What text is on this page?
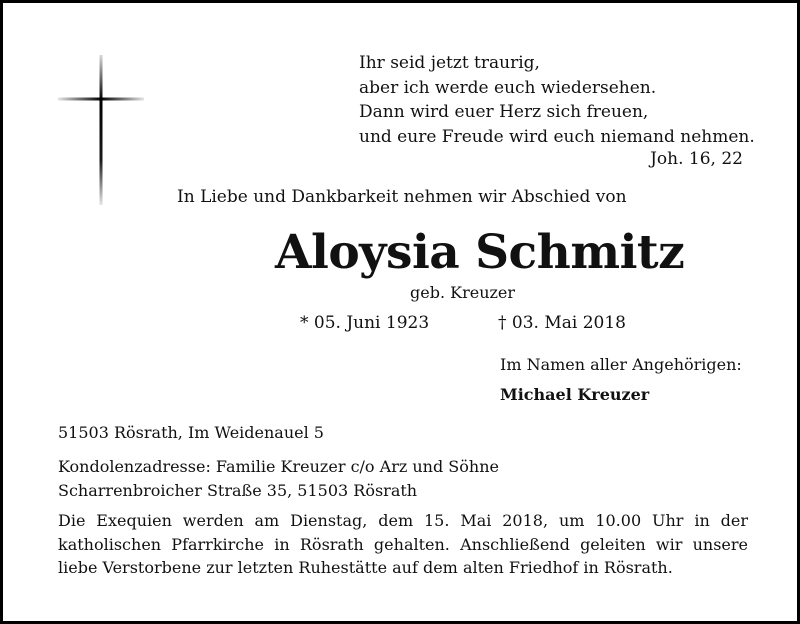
Ihr seid jetzt traurig,
aber ich werde euch wiedersehen.
Dann wird euer Herz sich freuen,
und eure Freude wird euch niemand nehmen.
Joh. 16, 22
In Liebe und Dankbarkeit nehmen wir Abschied von
Aloysia Schmitz
geb. Kreuzer
* 05. Juni 1923	† 03. Mai 2018
Im Namen aller Angehörigen:
Michael Kreuzer
51503 Rösrath, Im Weidenauel 5
Kondolenzadresse: Familie Kreuzer c/o Arz und Söhne
Scharrenbroicher Straße 35, 51503 Rösrath
Die Exequien werden am Dienstag, dem 15. Mai 2018, um 10.00 Uhr in der
katholischen Pfarrkirche in Rösrath gehalten. Anschließend geleiten wir unsere
liebe Verstorbene zur letzten Ruhestätte auf dem alten Friedhof in Rösrath.
